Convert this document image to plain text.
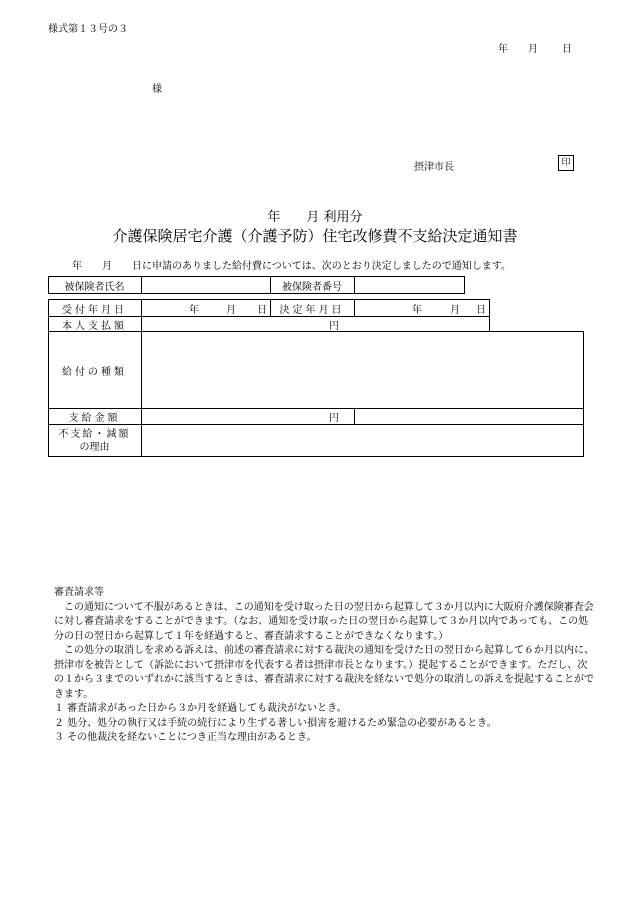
様式第１３号の３
年 月 日
様
摂津市長	印
年　　月 利用分
介護保険居宅介護（介護予防）住宅改修費不支給決定通知書
年　　月　　日に申請のありました給付費については、次のとおり決定しましたので通知します。
被保険者氏名	被保険者番号
受付年月日	年	月 日	決定年月日	年	月 日
本人支払額	円
給付の種類
支給金額	円
不支給・減額
の理由

審査請求等

この通知について不服があるときは、この通知を受け取った日の翌日から起算して３か月以内に大阪府介護保険審査会に対し審査請求をすることができます。（なお、通知を受け取った日の翌日から起算して３か月以内であっても、この処分の日の翌日から起算して１年を経過すると、審査請求することができなくなります。）

この処分の取消しを求める訴えは、前述の審査請求に対する裁決の通知を受けた日の翌日から起算して６か月以内に、摂津市を被告として（訴訟において摂津市を代表する者は摂津市長となります。）提起することができます。ただし、次の１から３までのいずれかに該当するときは、審査請求に対する裁決を経ないで処分の取消しの訴えを提起することができます。

１ 審査請求があった日から３か月を経過しても裁決がないとき。

２ 処分、処分の執行又は手続の続行により生ずる著しい損害を避けるため緊急の必要があるとき。

３ その他裁決を経ないことにつき正当な理由があるとき。
